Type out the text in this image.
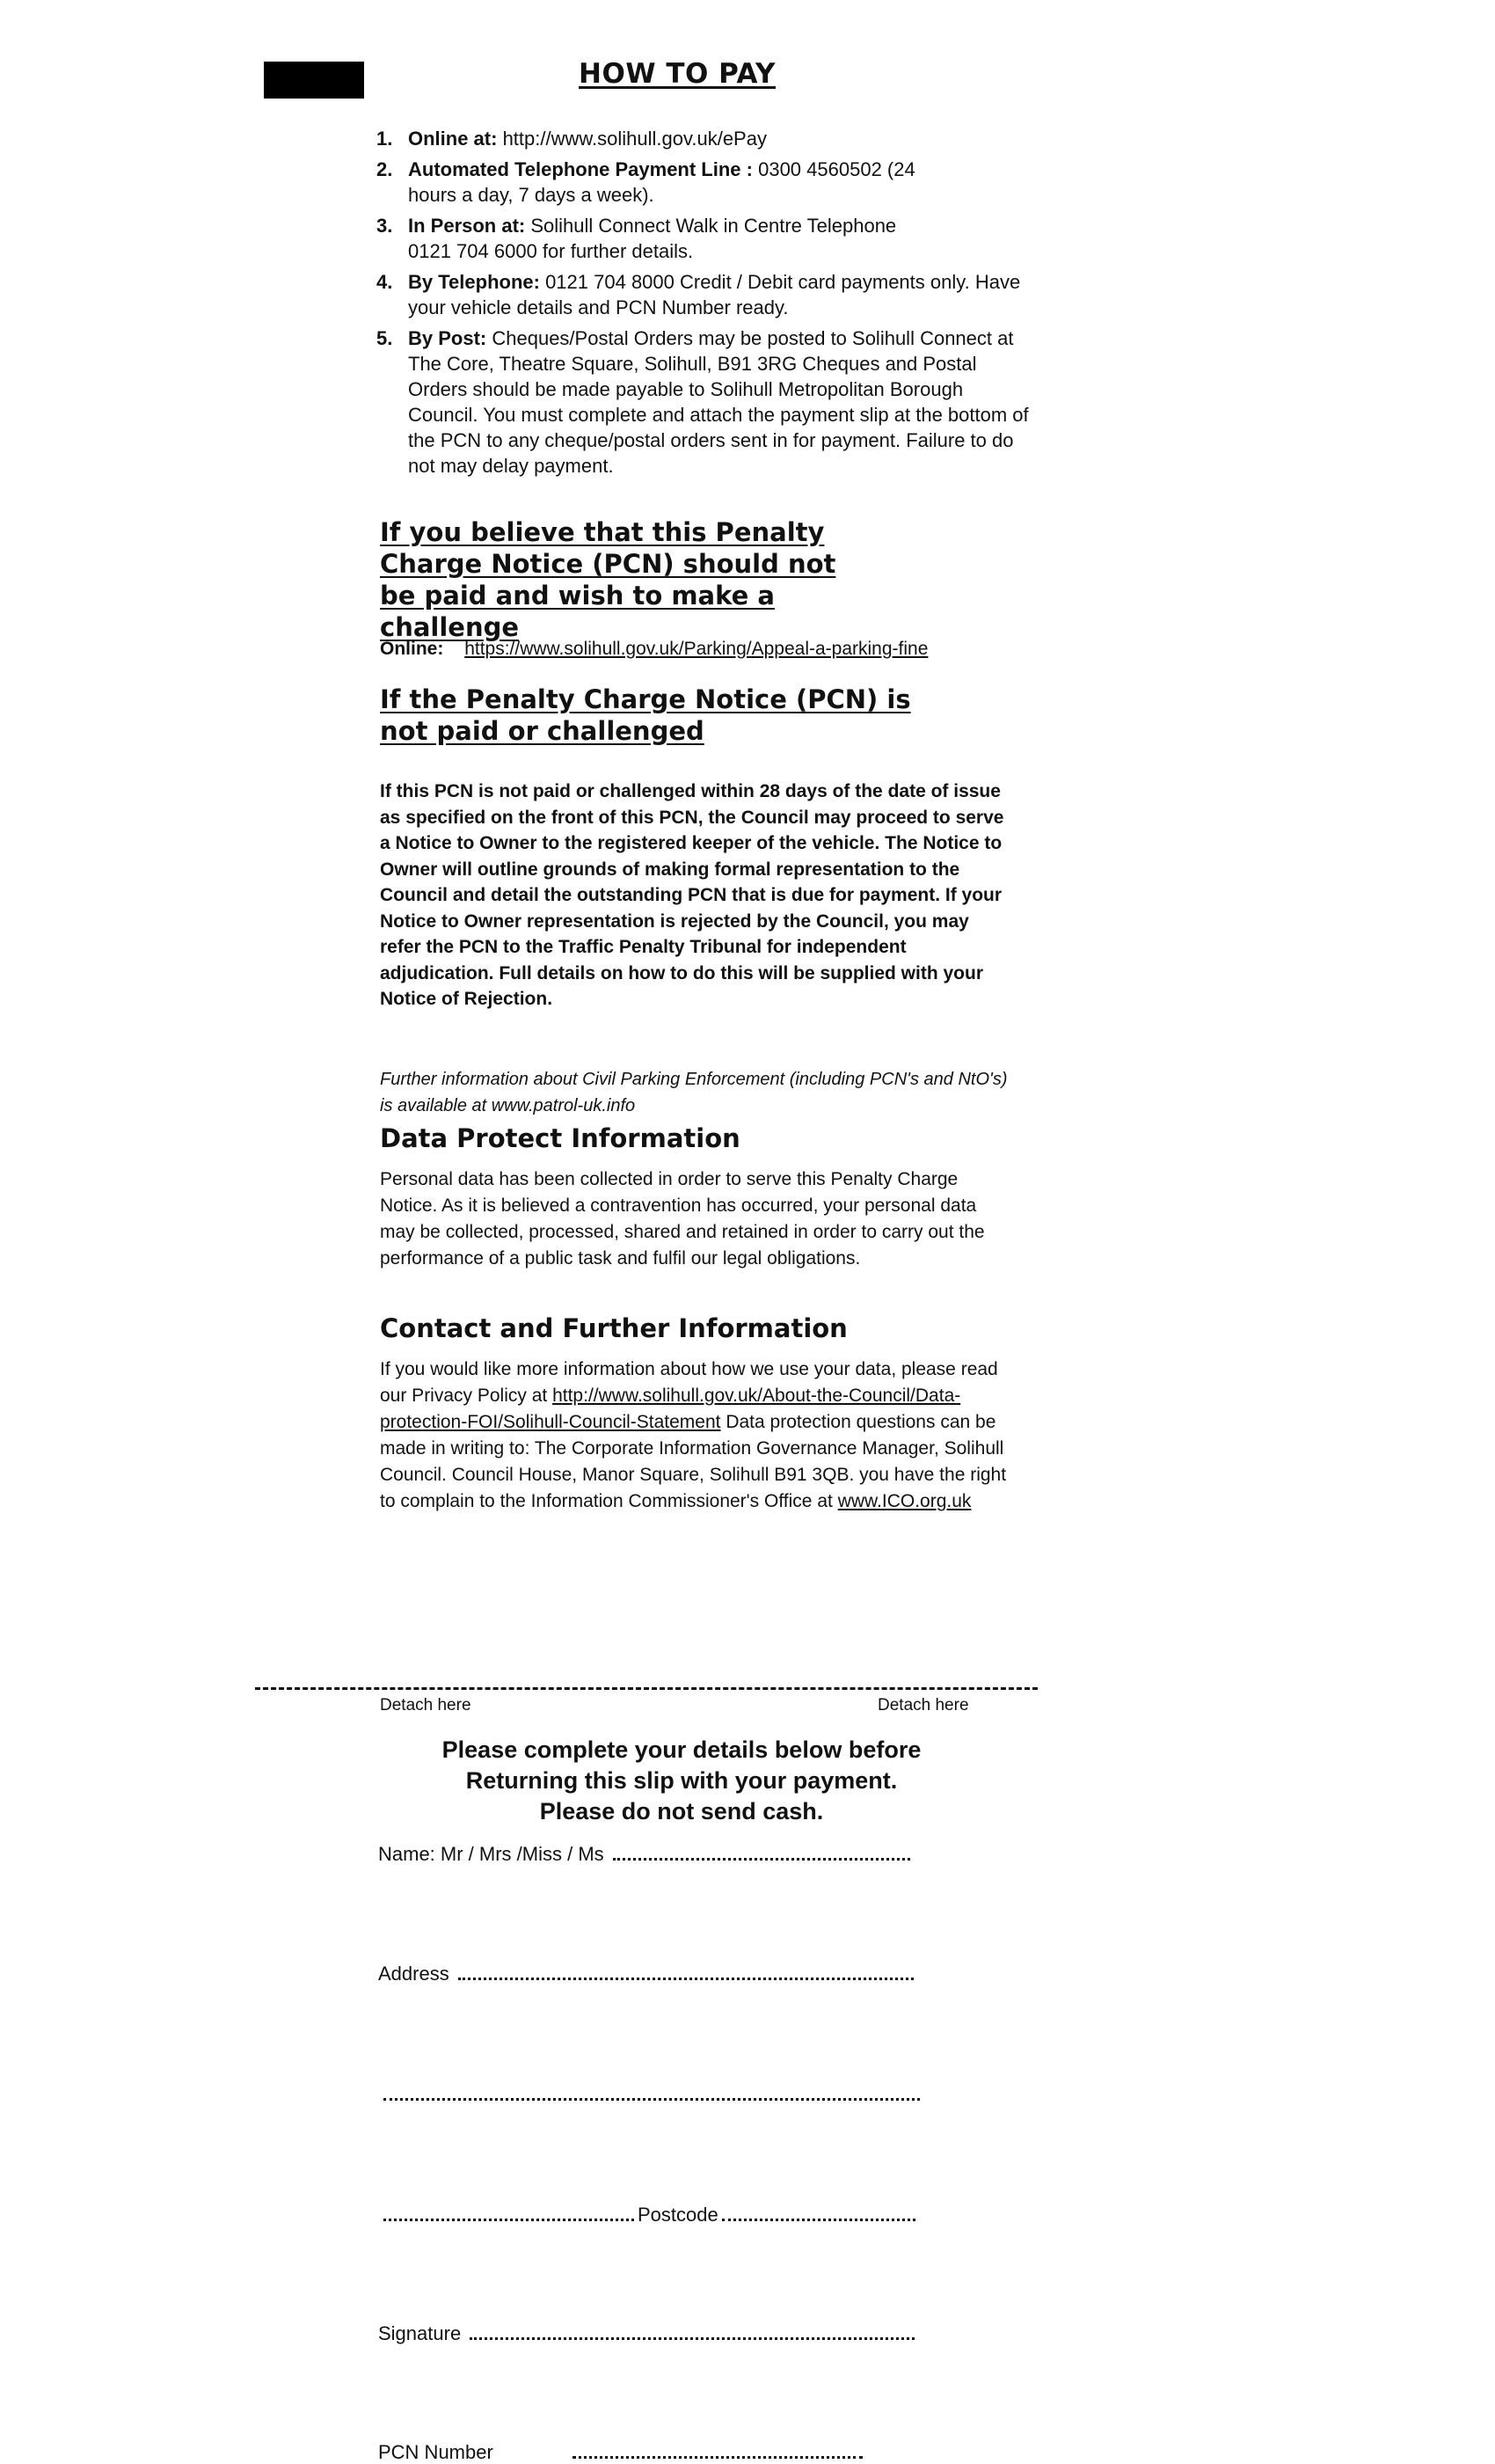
HOW TO PAY
1. Online at: http://www.solihull.gov.uk/ePay
2. Automated Telephone Payment Line : 0300 4560502 (24 hours a day, 7 days a week).
3. In Person at: Solihull Connect Walk in Centre Telephone 0121 704 6000 for further details.
4. By Telephone: 0121 704 8000 Credit / Debit card payments only. Have your vehicle details and PCN Number ready.
5. By Post: Cheques/Postal Orders may be posted to Solihull Connect at The Core, Theatre Square, Solihull, B91 3RG Cheques and Postal Orders should be made payable to Solihull Metropolitan Borough Council. You must complete and attach the payment slip at the bottom of the PCN to any cheque/postal orders sent in for payment. Failure to do not may delay payment.
If you believe that this Penalty Charge Notice (PCN) should not be paid and wish to make a challenge
Online: https://www.solihull.gov.uk/Parking/Appeal-a-parking-fine
If the Penalty Charge Notice (PCN) is not paid or challenged
If this PCN is not paid or challenged within 28 days of the date of issue as specified on the front of this PCN, the Council may proceed to serve a Notice to Owner to the registered keeper of the vehicle. The Notice to Owner will outline grounds of making formal representation to the Council and detail the outstanding PCN that is due for payment. If your Notice to Owner representation is rejected by the Council, you may refer the PCN to the Traffic Penalty Tribunal for independent adjudication. Full details on how to do this will be supplied with your Notice of Rejection.
Further information about Civil Parking Enforcement (including PCN's and NtO's) is available at www.patrol-uk.info
Data Protect Information
Personal data has been collected in order to serve this Penalty Charge Notice. As it is believed a contravention has occurred, your personal data may be collected, processed, shared and retained in order to carry out the performance of a public task and fulfil our legal obligations.
Contact and Further Information
If you would like more information about how we use your data, please read our Privacy Policy at http://www.solihull.gov.uk/About-the-Council/Data-protection-FOI/Solihull-Council-Statement Data protection questions can be made in writing to: The Corporate Information Governance Manager, Solihull Council. Council House, Manor Square, Solihull B91 3QB. you have the right to complain to the Information Commissioner's Office at www.ICO.org.uk
Detach here	Detach here
Please complete your details below before
Returning this slip with your payment.
Please do not send cash.
Name: Mr / Mrs /Miss / Ms
Address
Postcode
Signature
PCN Number
